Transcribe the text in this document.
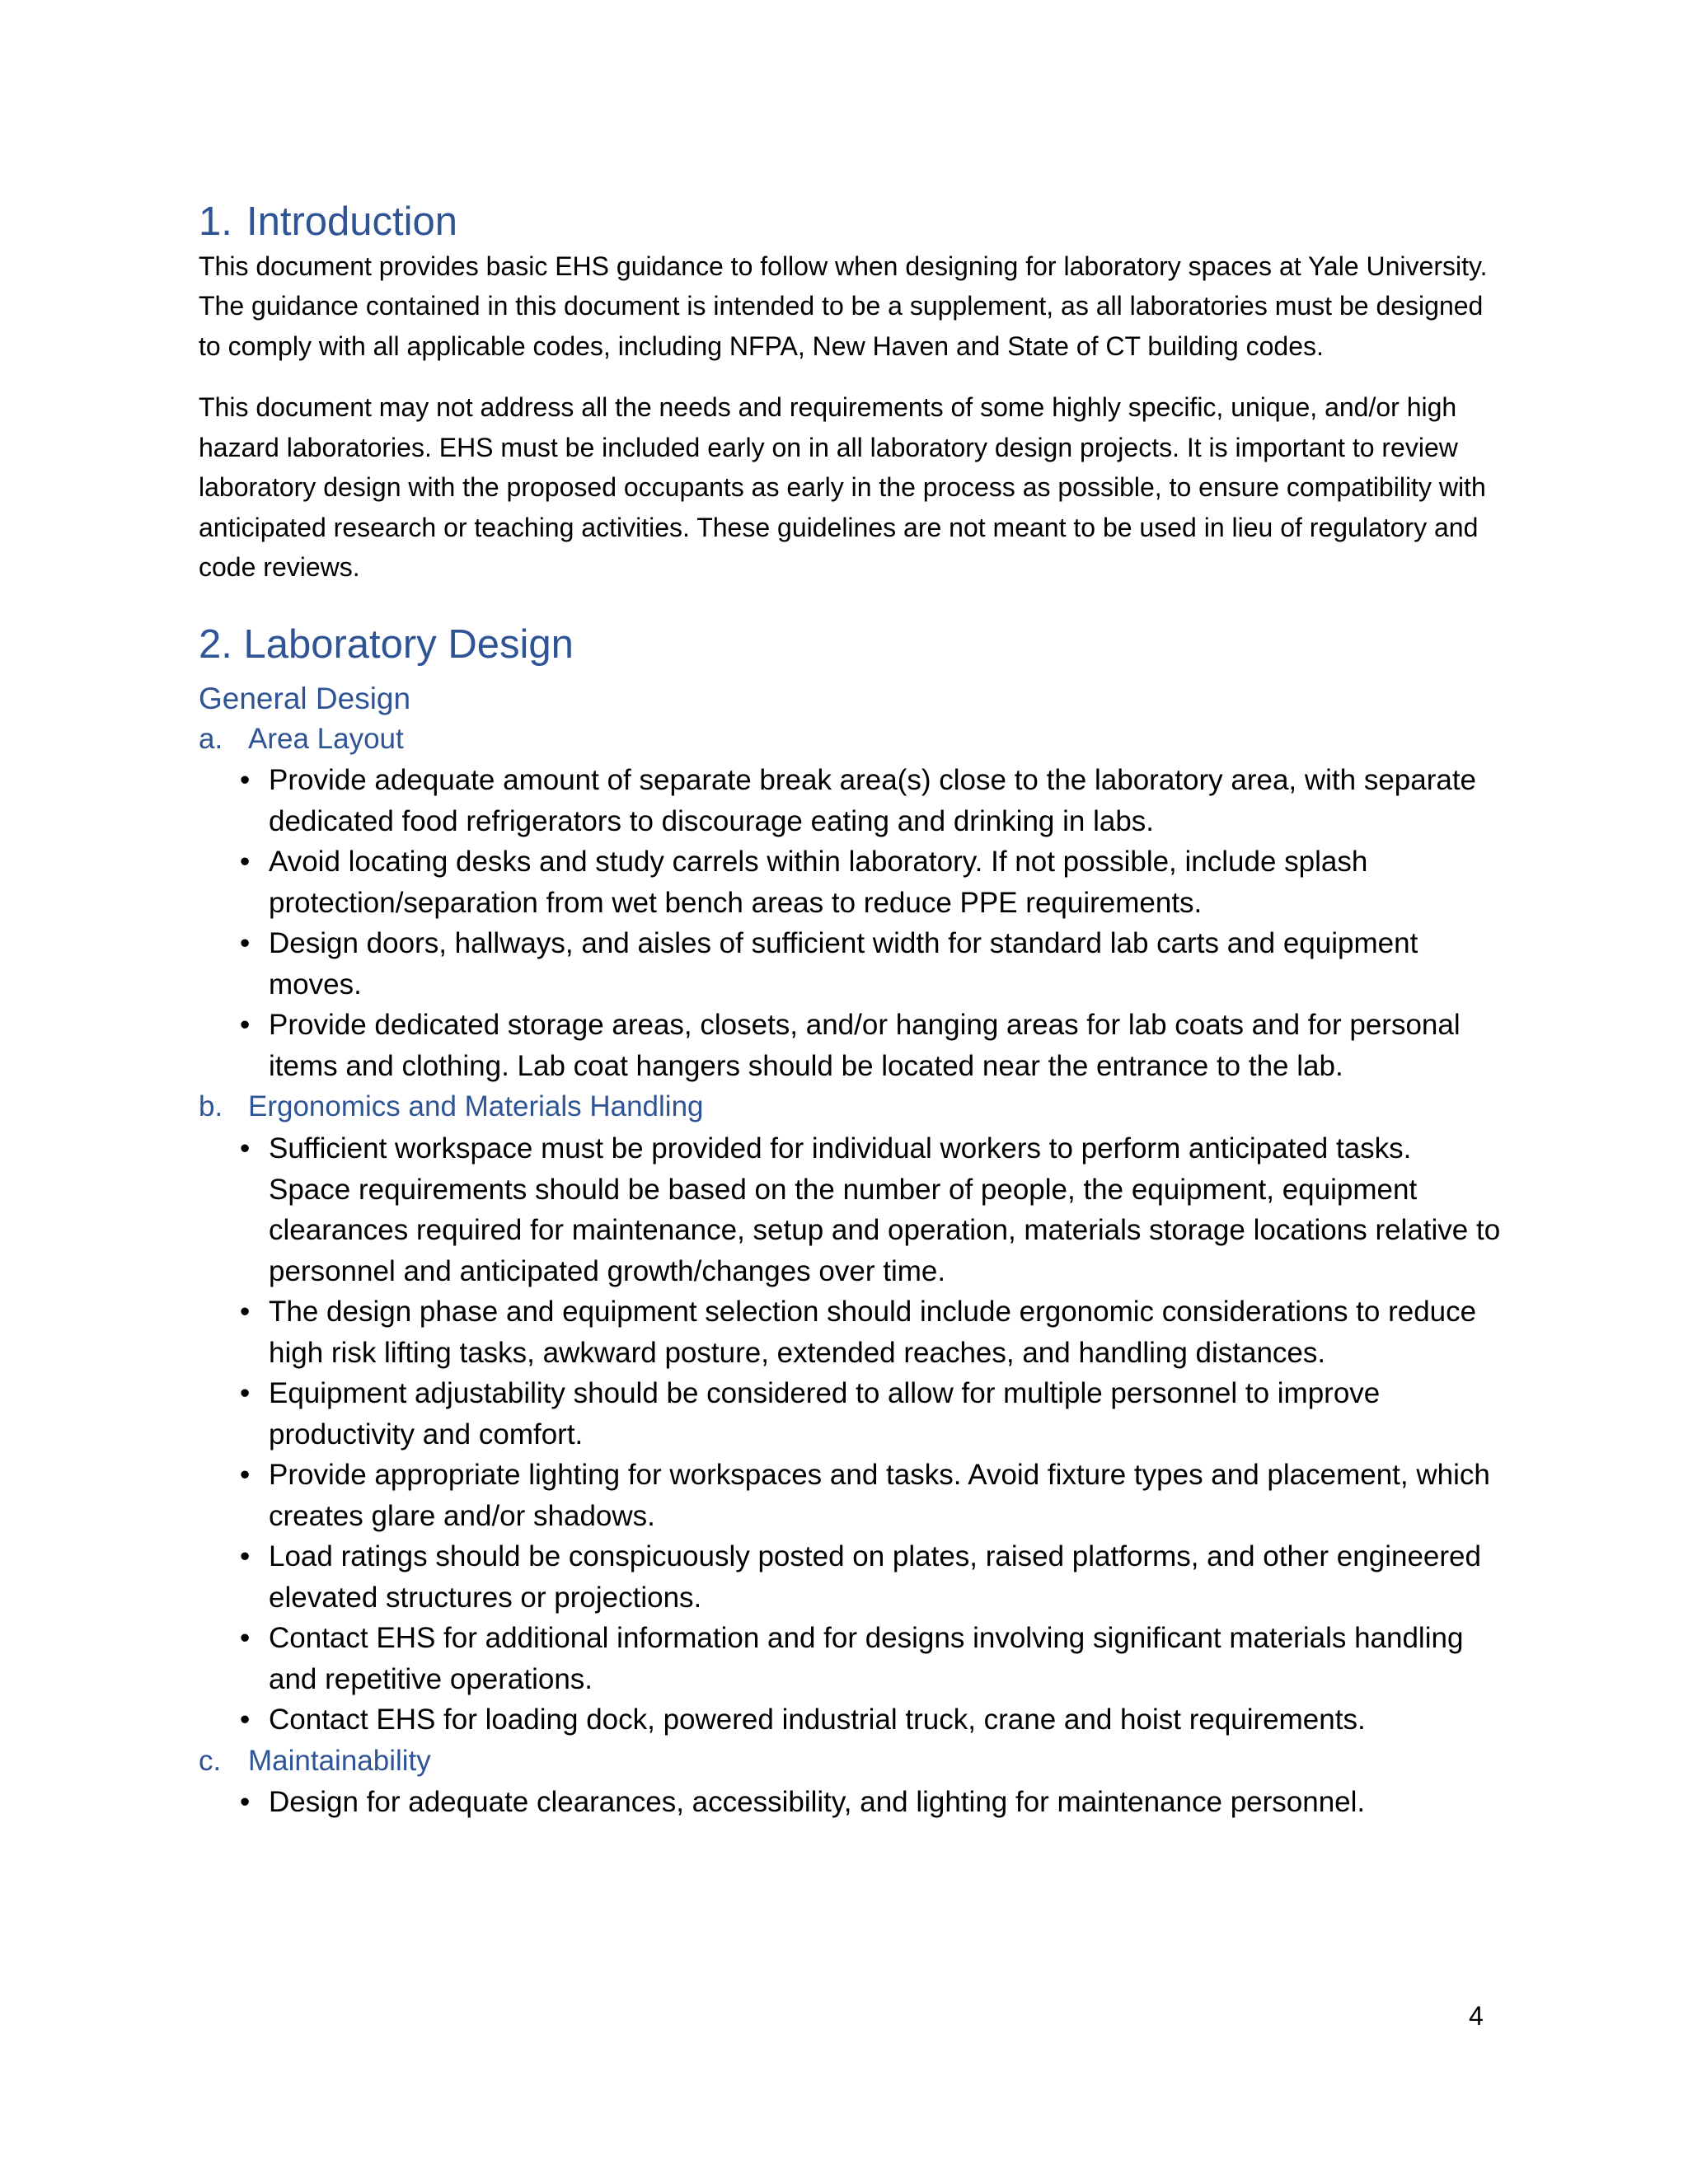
1. Introduction

This document provides basic EHS guidance to follow when designing for laboratory spaces at Yale University. The guidance contained in this document is intended to be a supplement, as all laboratories must be designed to comply with all applicable codes, including NFPA, New Haven and State of CT building codes.

This document may not address all the needs and requirements of some highly specific, unique, and/or high hazard laboratories. EHS must be included early on in all laboratory design projects. It is important to review laboratory design with the proposed occupants as early in the process as possible, to ensure compatibility with anticipated research or teaching activities. These guidelines are not meant to be used in lieu of regulatory and code reviews.

2. Laboratory Design
General Design
a. Area Layout
• Provide adequate amount of separate break area(s) close to the laboratory area, with separate dedicated food refrigerators to discourage eating and drinking in labs.
• Avoid locating desks and study carrels within laboratory. If not possible, include splash protection/separation from wet bench areas to reduce PPE requirements.
• Design doors, hallways, and aisles of sufficient width for standard lab carts and equipment moves.
• Provide dedicated storage areas, closets, and/or hanging areas for lab coats and for personal items and clothing. Lab coat hangers should be located near the entrance to the lab.
b. Ergonomics and Materials Handling
• Sufficient workspace must be provided for individual workers to perform anticipated tasks. Space requirements should be based on the number of people, the equipment, equipment clearances required for maintenance, setup and operation, materials storage locations relative to personnel and anticipated growth/changes over time.
• The design phase and equipment selection should include ergonomic considerations to reduce high risk lifting tasks, awkward posture, extended reaches, and handling distances.
• Equipment adjustability should be considered to allow for multiple personnel to improve productivity and comfort.
• Provide appropriate lighting for workspaces and tasks. Avoid fixture types and placement, which creates glare and/or shadows.
• Load ratings should be conspicuously posted on plates, raised platforms, and other engineered elevated structures or projections.
• Contact EHS for additional information and for designs involving significant materials handling and repetitive operations.
• Contact EHS for loading dock, powered industrial truck, crane and hoist requirements.
c. Maintainability
• Design for adequate clearances, accessibility, and lighting for maintenance personnel.
4
